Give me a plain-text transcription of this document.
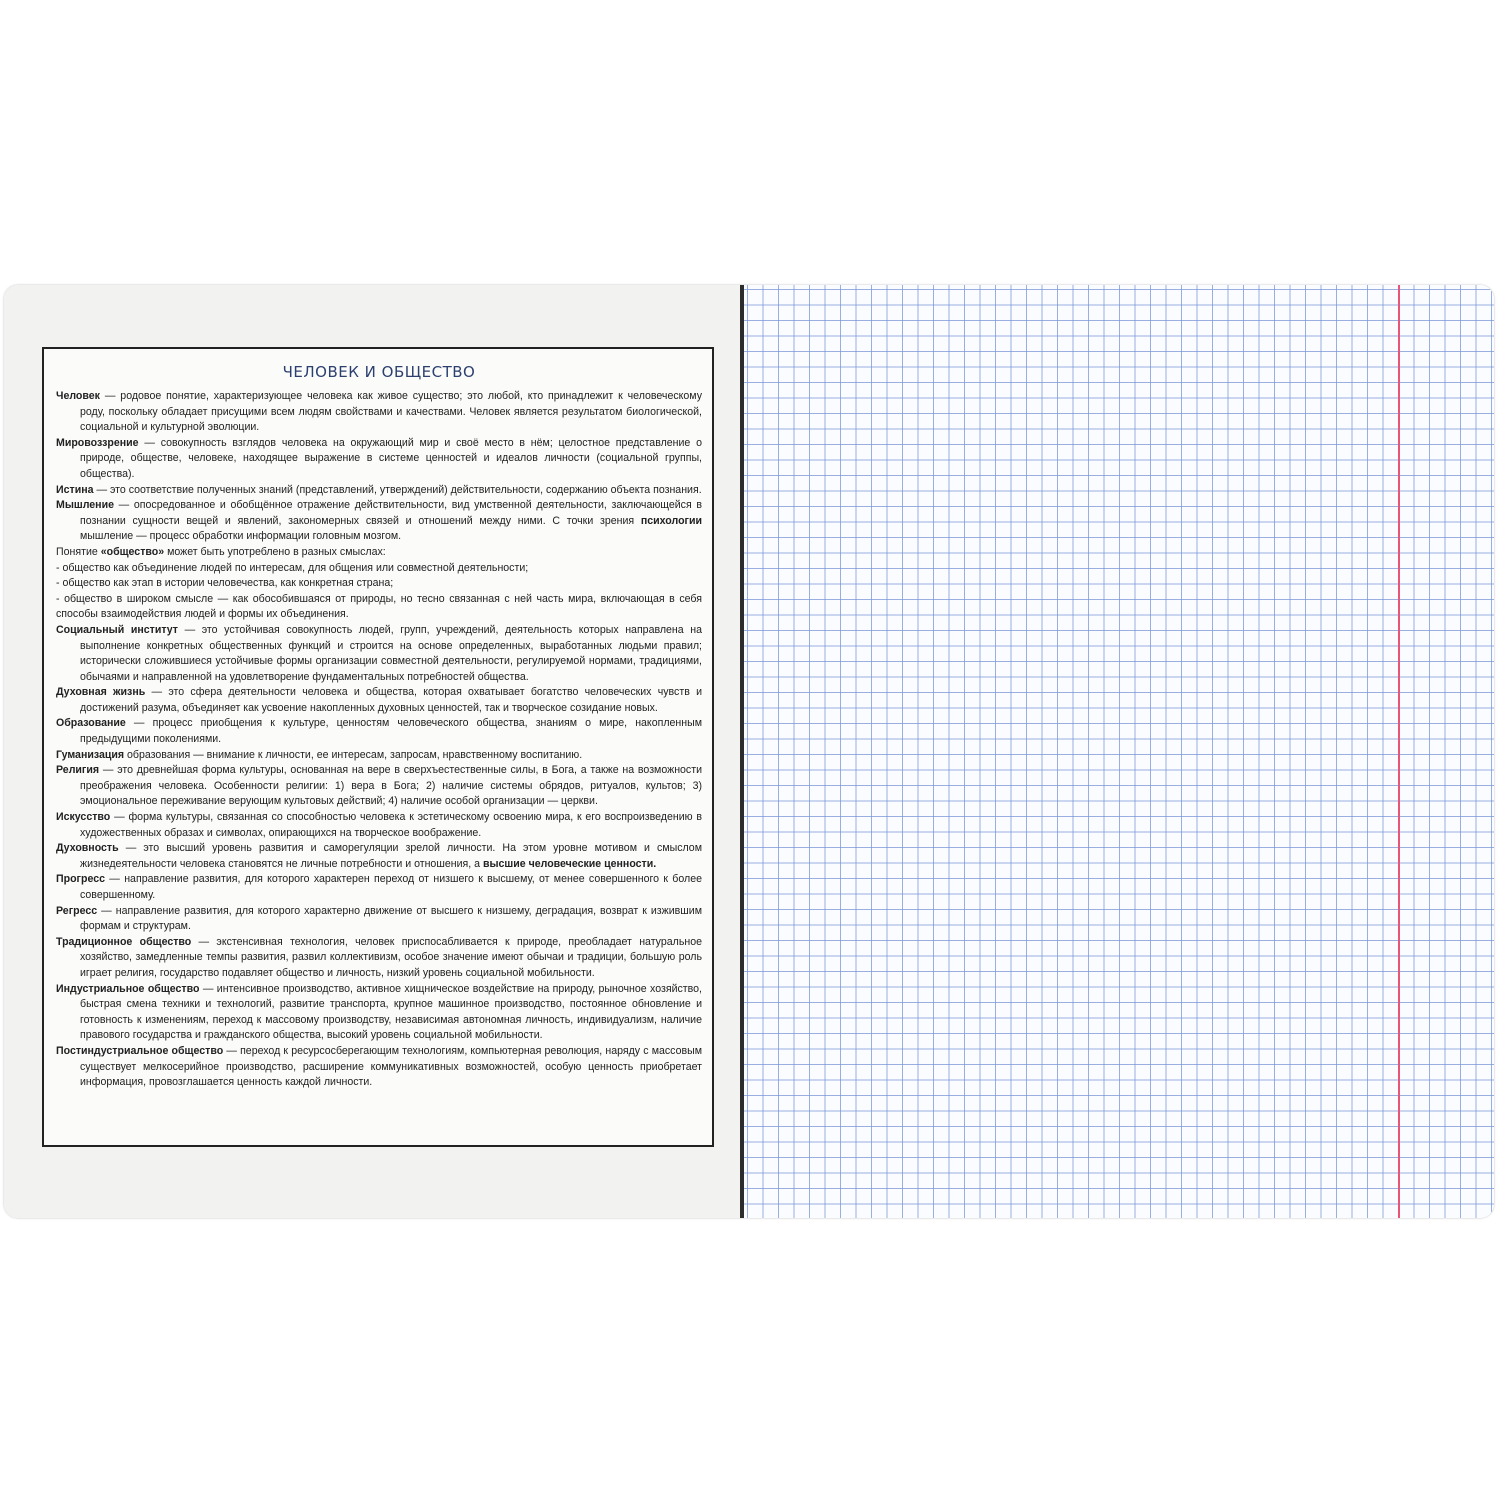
ЧЕЛОВЕК И ОБЩЕСТВО

Человек — родовое понятие, характеризующее человека как живое существо; это любой, кто принадлежит к человеческому роду, поскольку обладает присущими всем людям свойствами и качествами. Человек является результатом биологической, социальной и культурной эволюции.

Мировоззрение — совокупность взглядов человека на окружающий мир и своё место в нём; целостное представление о природе, обществе, человеке, находящее выражение в системе ценностей и идеалов личности (социальной группы, общества).

Истина — это соответствие полученных знаний (представлений, утверждений) действительности, содержанию объекта познания.

Мышление — опосредованное и обобщённое отражение действительности, вид умственной деятельности, заключающейся в познании сущности вещей и явлений, закономерных связей и отношений между ними. С точки зрения психологии мышление — процесс обработки информации головным мозгом.

Понятие «общество» может быть употреблено в разных смыслах:

- общество как объединение людей по интересам, для общения или совместной деятельности;

- общество как этап в истории человечества, как конкретная страна;

- общество в широком смысле — как обособившаяся от природы, но тесно связанная с ней часть мира, включающая в себя способы взаимодействия людей и формы их объединения.

Социальный институт — это устойчивая совокупность людей, групп, учреждений, деятельность которых направлена на выполнение конкретных общественных функций и строится на основе определенных, выработанных людьми правил; исторически сложившиеся устойчивые формы организации совместной деятельности, регулируемой нормами, традициями, обычаями и направленной на удовлетворение фундаментальных потребностей общества.

Духовная жизнь — это сфера деятельности человека и общества, которая охватывает богатство человеческих чувств и достижений разума, объединяет как усвоение накопленных духовных ценностей, так и творческое созидание новых.

Образование — процесс приобщения к культуре, ценностям человеческого общества, знаниям о мире, накопленным предыдущими поколениями.

Гуманизация образования — внимание к личности, ее интересам, запросам, нравственному воспитанию.

Религия — это древнейшая форма культуры, основанная на вере в сверхъестественные силы, в Бога, а также на возможности преображения человека. Особенности религии: 1) вера в Бога; 2) наличие системы обрядов, ритуалов, культов; 3) эмоциональное переживание верующим культовых действий; 4) наличие особой организации — церкви.

Искусство — форма культуры, связанная со способностью человека к эстетическому освоению мира, к его воспроизведению в художественных образах и символах, опирающихся на творческое воображение.

Духовность — это высший уровень развития и саморегуляции зрелой личности. На этом уровне мотивом и смыслом жизнедеятельности человека становятся не личные потребности и отношения, а высшие человеческие ценности.

Прогресс — направление развития, для которого характерен переход от низшего к высшему, от менее совершенного к более совершенному.

Регресс — направление развития, для которого характерно движение от высшего к низшему, деградация, возврат к изжившим формам и структурам.

Традиционное общество — экстенсивная технология, человек приспосабливается к природе, преобладает натуральное хозяйство, замедленные темпы развития, развил коллективизм, особое значение имеют обычаи и традиции, большую роль играет религия, государство подавляет общество и личность, низкий уровень социальной мобильности.

Индустриальное общество — интенсивное производство, активное хищническое воздействие на природу, рыночное хозяйство, быстрая смена техники и технологий, развитие транспорта, крупное машинное производство, постоянное обновление и готовность к изменениям, переход к массовому производству, независимая автономная личность, индивидуализм, наличие правового государства и гражданского общества, высокий уровень социальной мобильности.

Постиндустриальное общество — переход к ресурсосберегающим технологиям, компьютерная революция, наряду с массовым существует мелкосерийное производство, расширение коммуникативных возможностей, особую ценность приобретает информация, провозглашается ценность каждой личности.
